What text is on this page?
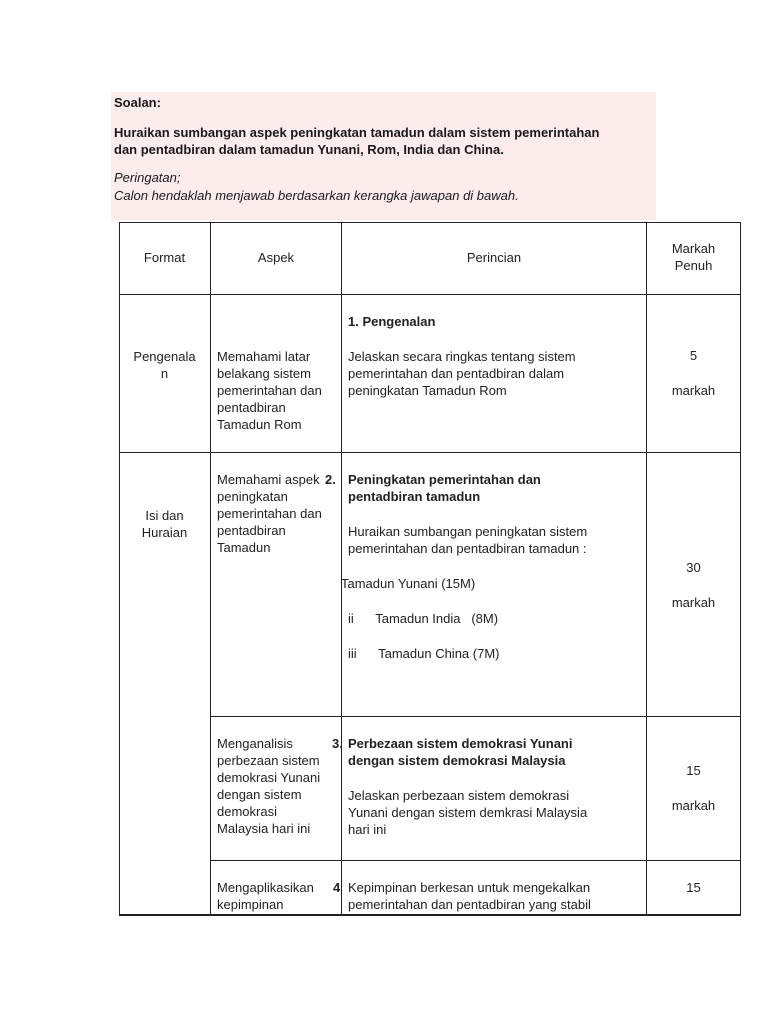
Soalan:
Huraikan sumbangan aspek peningkatan tamadun dalam sistem pemerintahan
dan pentadbiran dalam tamadun Yunani, Rom, India dan China.
Peringatan;
Calon hendaklah menjawab berdasarkan kerangka jawapan di bawah.
Format	Aspek	Perincian
Markah
Penuh
Pengenala
n
Memahami latar
belakang sistem
pemerintahan dan
pentadbiran
Tamadun Rom
1. Pengenalan
Jelaskan secara ringkas tentang sistem
pemerintahan dan pentadbiran dalam
peningkatan Tamadun Rom
5
markah
Isi dan
Huraian
Memahami aspek
peningkatan
pemerintahan dan
pentadbiran
Tamadun
2. Peningkatan pemerintahan dan
pentadbiran tamadun
Huraikan sumbangan peningkatan sistem
pemerintahan dan pentadbiran tamadun :
Tamadun Yunani (15M)
ii      Tamadun India   (8M)
iii      Tamadun China (7M)
30
markah
Menganalisis
perbezaan sistem
demokrasi Yunani
dengan sistem
demokrasi
Malaysia hari ini
3. Perbezaan sistem demokrasi Yunani
dengan sistem demokrasi Malaysia
Jelaskan perbezaan sistem demokrasi
Yunani dengan sistem demkrasi Malaysia
hari ini
15
markah
Mengaplikasikan
kepimpinan
4 Kepimpinan berkesan untuk mengekalkan
pemerintahan dan pentadbiran yang stabil
15
